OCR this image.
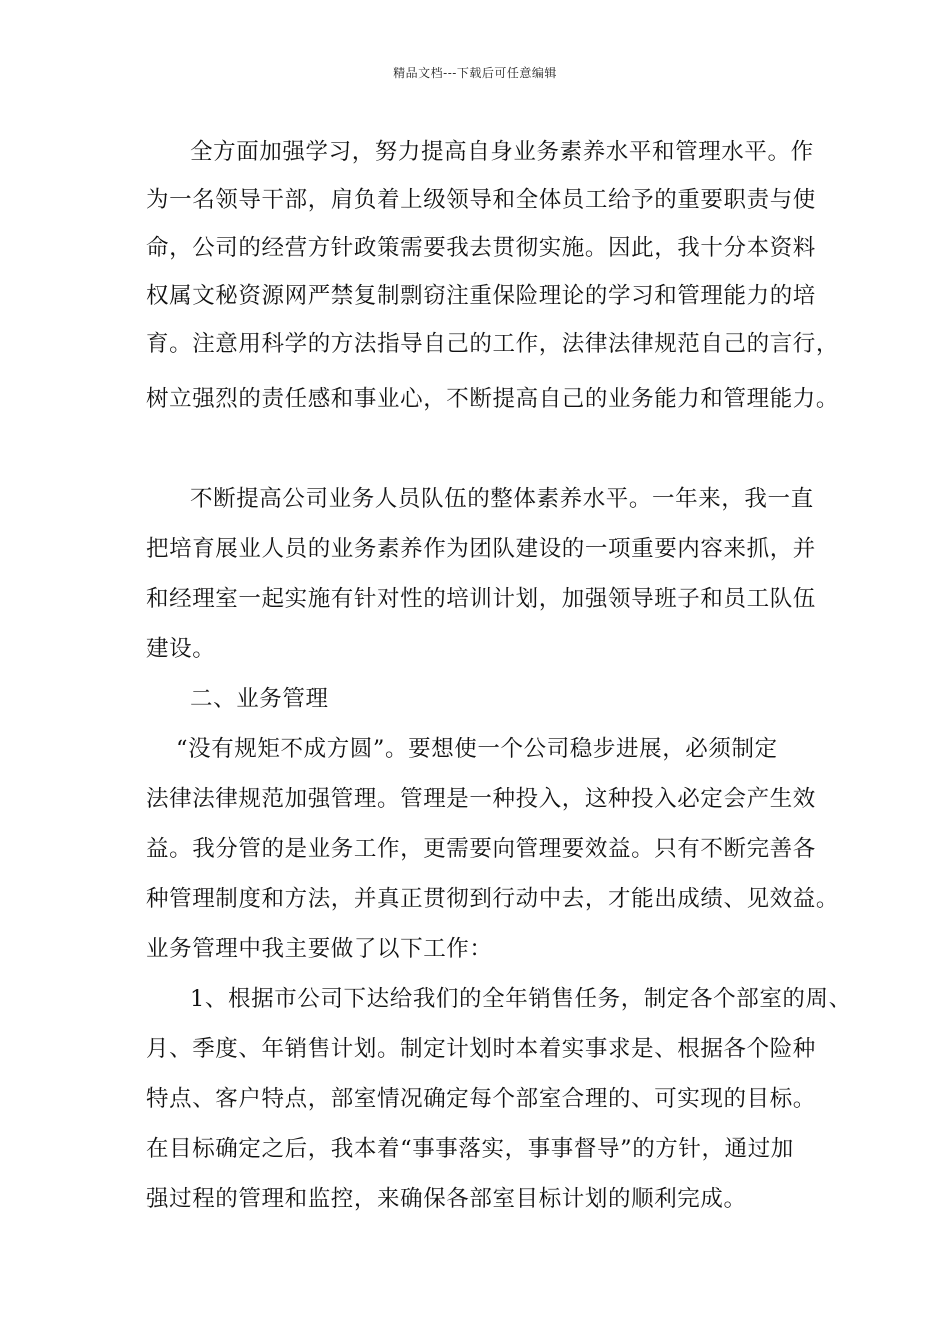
精品文档---下载后可任意编辑
全方面加强学习，努力提高自身业务素养水平和管理水平。作
为一名领导干部，肩负着上级领导和全体员工给予的重要职责与使
命，公司的经营方针政策需要我去贯彻实施。因此，我十分本资料
权属文秘资源网严禁复制剽窃注重保险理论的学习和管理能力的培
育。注意用科学的方法指导自己的工作，法律法律规范自己的言行，
树立强烈的责任感和事业心，不断提高自己的业务能力和管理能力。
不断提高公司业务人员队伍的整体素养水平。一年来，我一直
把培育展业人员的业务素养作为团队建设的一项重要内容来抓，并
和经理室一起实施有针对性的培训计划，加强领导班子和员工队伍
建设。
二、业务管理
“没有规矩不成方圆”。要想使一个公司稳步进展，必须制定
法律法律规范加强管理。管理是一种投入，这种投入必定会产生效
益。我分管的是业务工作，更需要向管理要效益。只有不断完善各
种管理制度和方法，并真正贯彻到行动中去，才能出成绩、见效益。
业务管理中我主要做了以下工作：
1、根据市公司下达给我们的全年销售任务，制定各个部室的周、
月、季度、年销售计划。制定计划时本着实事求是、根据各个险种
特点、客户特点，部室情况确定每个部室合理的、可实现的目标。
在目标确定之后，我本着“事事落实，事事督导”的方针，通过加
强过程的管理和监控，来确保各部室目标计划的顺利完成。
